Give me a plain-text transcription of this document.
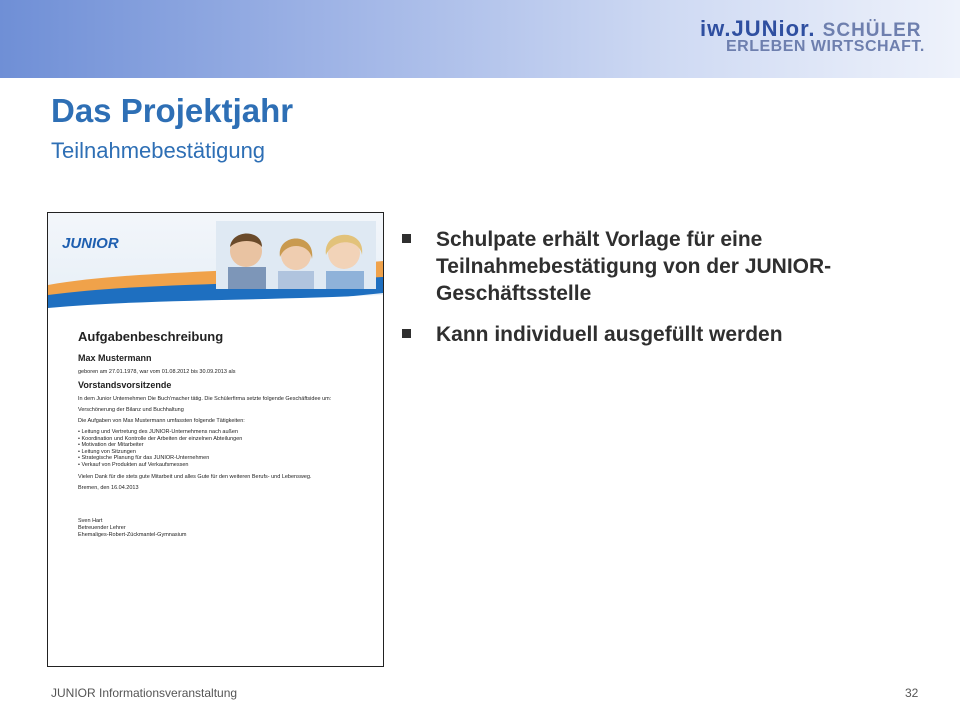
iw.JUNior. SCHÜLER
ERLEBEN WIRTSCHAFT.
Das Projektjahr
Teilnahmebestätigung
JUNIOR
Aufgabenbeschreibung
Max Mustermann

geboren am 27.01.1978, war vom 01.08.2012 bis 30.09.2013 als

Vorstandsvorsitzende

In dem Junior Unternehmen Die Buch'macher tätig. Die Schülerfirma setzte folgende Geschäftsidee um:

Verschönerung der Bilanz und Buchhaltung

Die Aufgaben von Max Mustermann umfassten folgende Tätigkeiten:

• Leitung und Vertretung des JUNIOR-Unternehmens nach außen
• Koordination und Kontrolle der Arbeiten der einzelnen Abteilungen
• Motivation der Mitarbeiter
• Leitung von Sitzungen
• Strategische Planung für das JUNIOR-Unternehmen
• Verkauf von Produkten auf Verkaufsmessen

Vielen Dank für die stets gute Mitarbeit und alles Gute für den weiteren Berufs- und Lebensweg.

Bremen, den 16.04.2013

Sven Hart

Betreuender Lehrer

Ehemaliges-Robert-Zückmantel-Gymnasium

Schulpate erhält Vorlage für eine Teilnahmebestätigung von der JUNIOR-Geschäftsstelle
Kann individuell ausgefüllt werden
JUNIOR Informationsveranstaltung	32
